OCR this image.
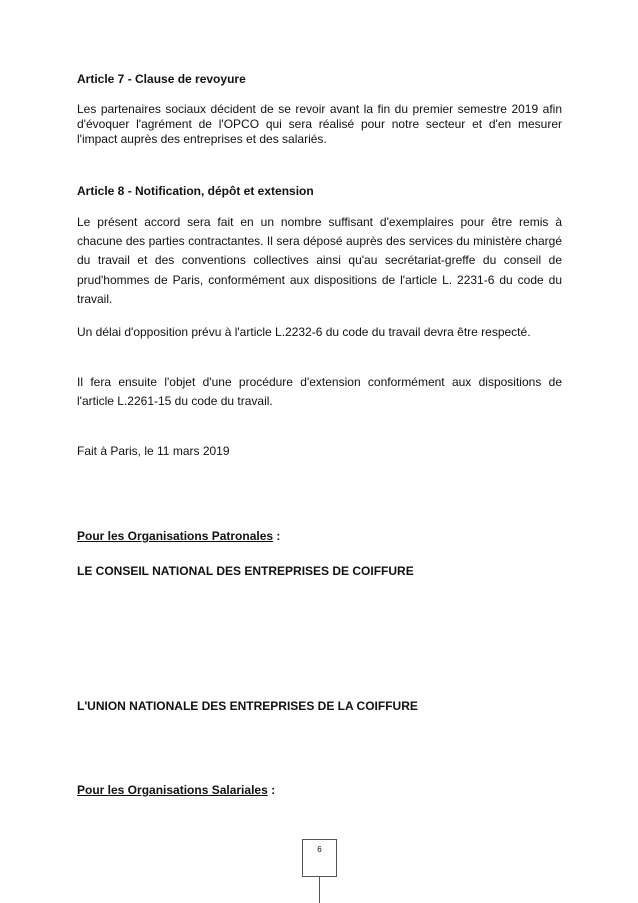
Article 7 - Clause de revoyure

Les partenaires sociaux décident de se revoir avant la fin du premier semestre 2019 afin d'évoquer l'agrément de l'OPCO qui sera réalisé pour notre secteur et d'en mesurer l'impact auprès des entreprises et des salariés.

Article 8 - Notification, dépôt et extension

Le présent accord sera fait en un nombre suffisant d'exemplaires pour être remis à chacune des parties contractantes. Il sera déposé auprès des services du ministère chargé du travail et des conventions collectives ainsi qu'au secrétariat-greffe du conseil de prud'hommes de Paris, conformément aux dispositions de l'article L. 2231-6 du code du travail.

Un délai d'opposition prévu à l'article L.2232-6 du code du travail devra être respecté.

Il fera ensuite l'objet d'une procédure d'extension conformément aux dispositions de l'article L.2261-15 du code du travail.

Fait à Paris, le 11 mars 2019

Pour les Organisations Patronales :

LE CONSEIL NATIONAL DES ENTREPRISES DE COIFFURE

L'UNION NATIONALE DES ENTREPRISES DE LA COIFFURE

Pour les Organisations Salariales :

6
